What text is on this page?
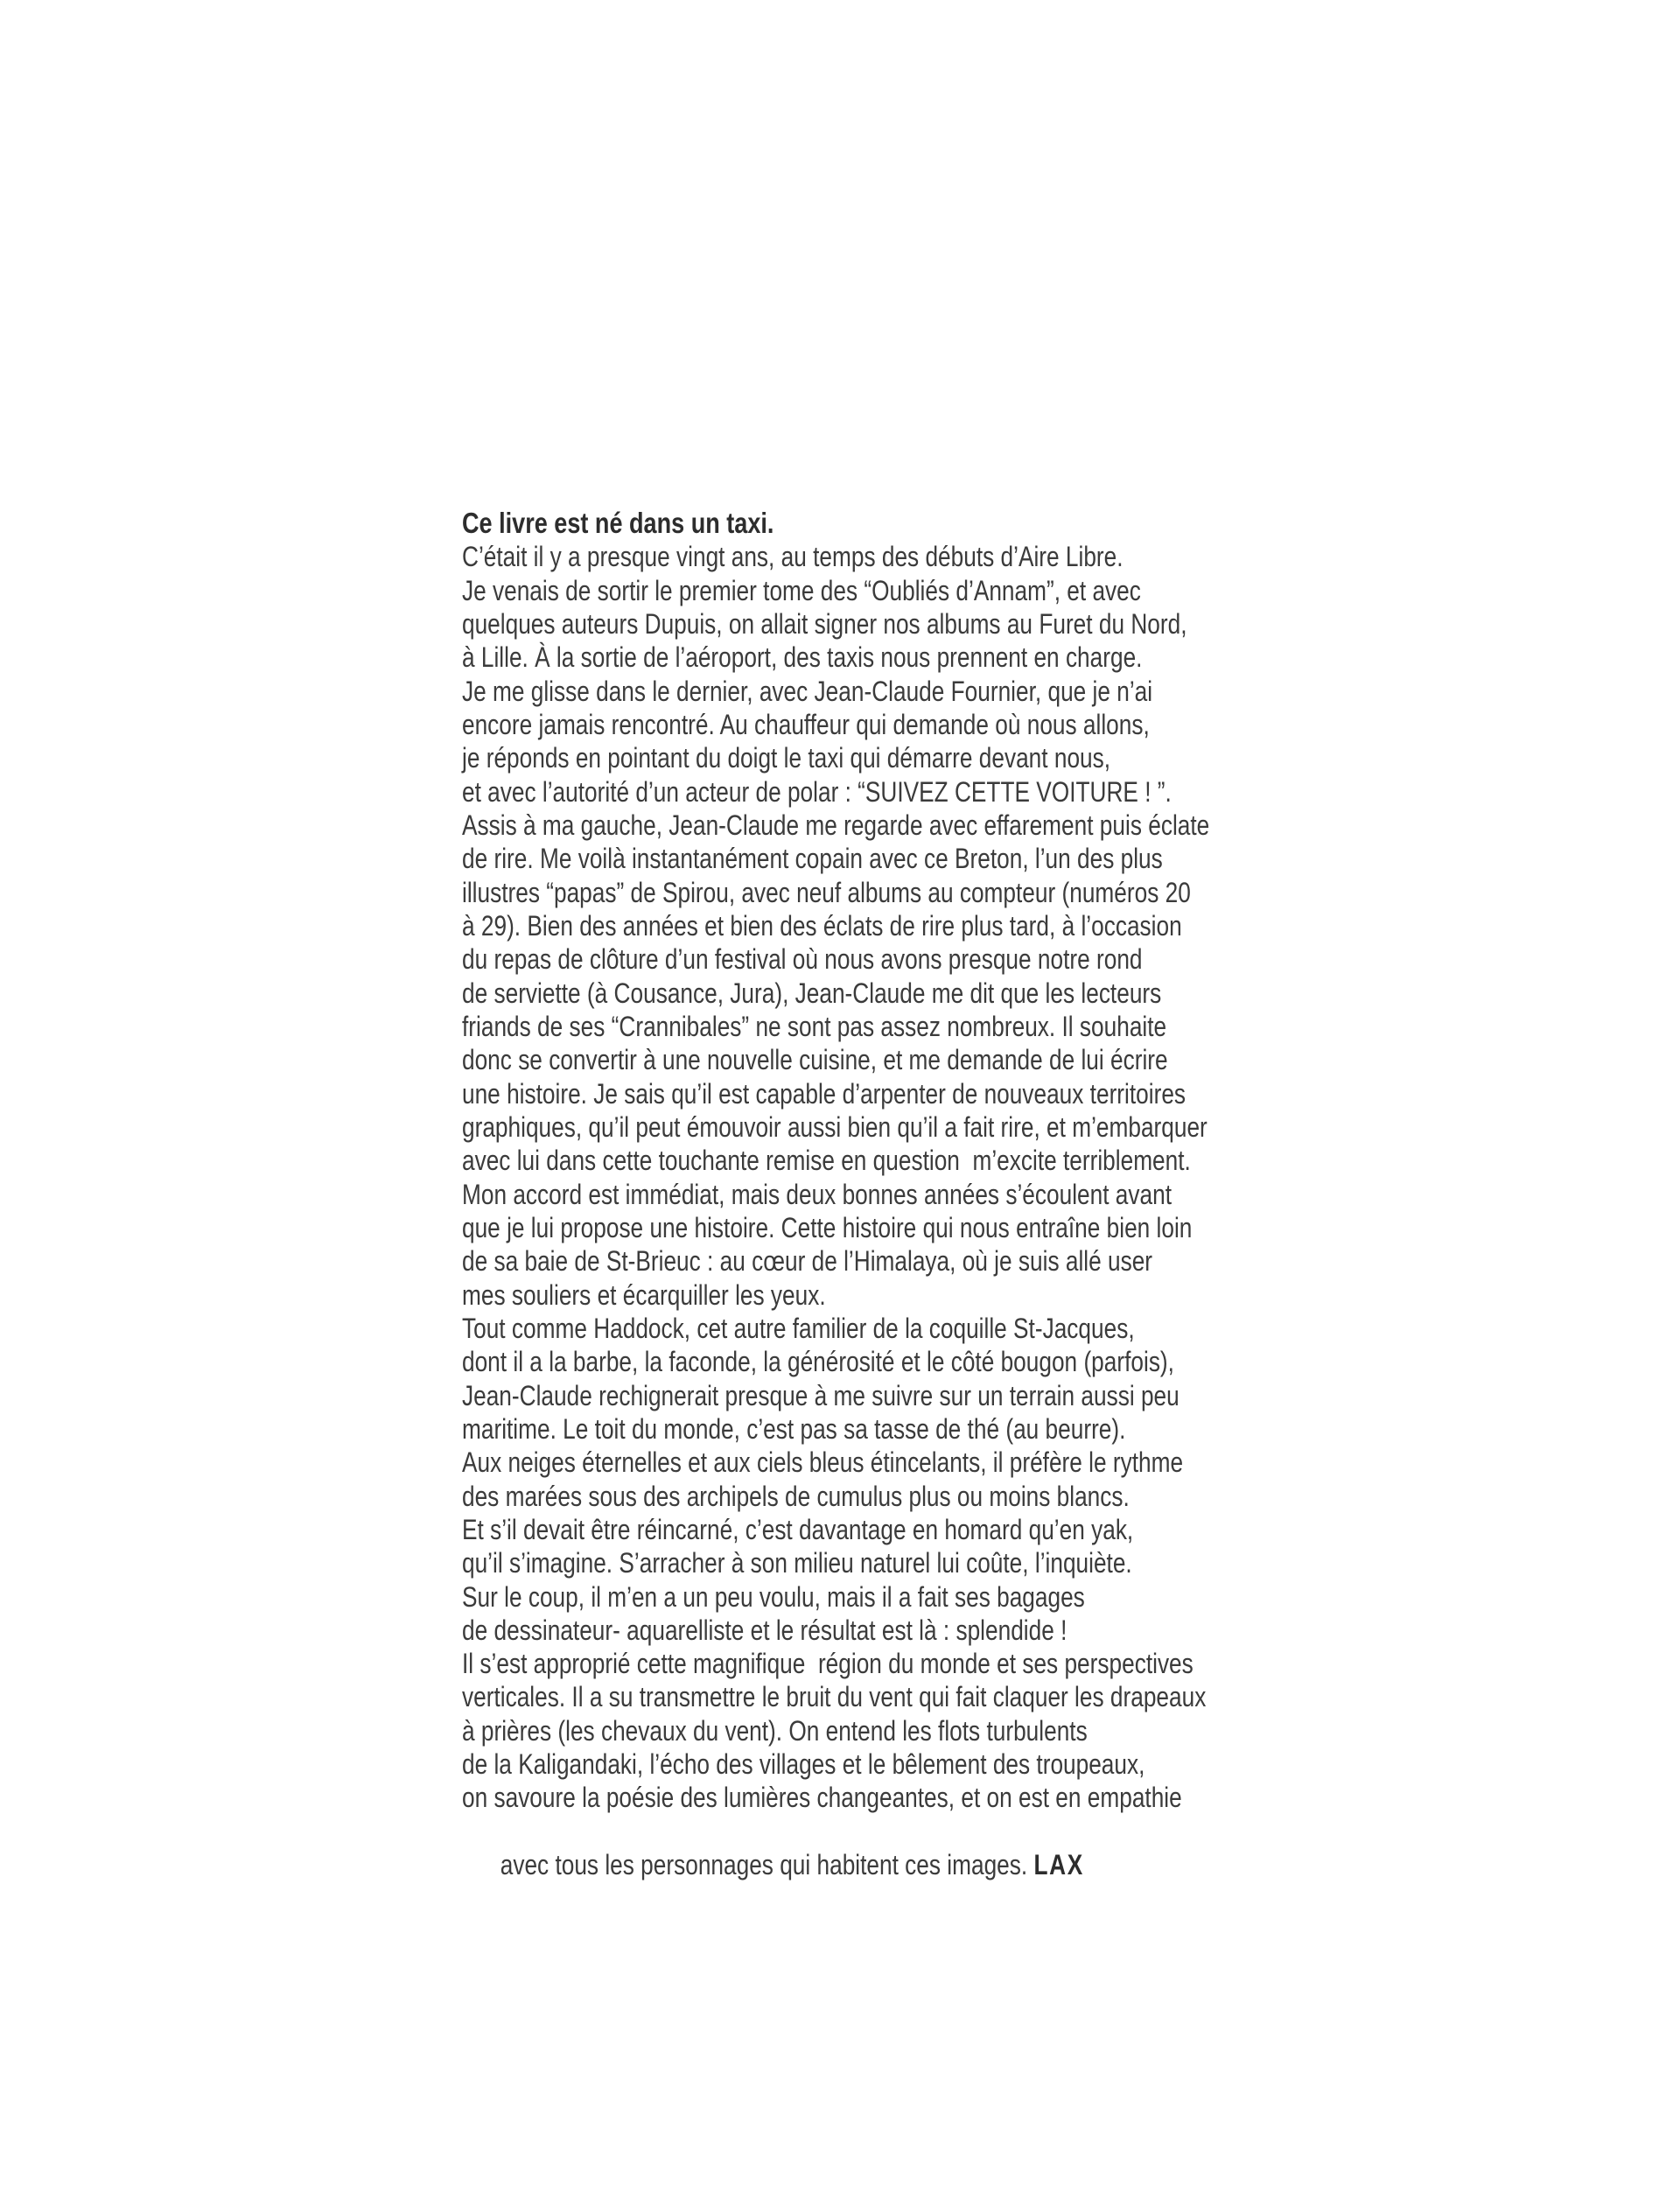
Ce livre est né dans un taxi.
C’était il y a presque vingt ans, au temps des débuts d’Aire Libre.
Je venais de sortir le premier tome des “Oubliés d’Annam”, et avec
quelques auteurs Dupuis, on allait signer nos albums au Furet du Nord,
à Lille. À la sortie de l’aéroport, des taxis nous prennent en charge.
Je me glisse dans le dernier, avec Jean-Claude Fournier, que je n’ai
encore jamais rencontré. Au chauffeur qui demande où nous allons,
je réponds en pointant du doigt le taxi qui démarre devant nous,
et avec l’autorité d’un acteur de polar : “SUIVEZ CETTE VOITURE ! ”.
Assis à ma gauche, Jean-Claude me regarde avec effarement puis éclate
de rire. Me voilà instantanément copain avec ce Breton, l’un des plus
illustres “papas” de Spirou, avec neuf albums au compteur (numéros 20
à 29). Bien des années et bien des éclats de rire plus tard, à l’occasion
du repas de clôture d’un festival où nous avons presque notre rond
de serviette (à Cousance, Jura), Jean-Claude me dit que les lecteurs
friands de ses “Crannibales” ne sont pas assez nombreux. Il souhaite
donc se convertir à une nouvelle cuisine, et me demande de lui écrire
une histoire. Je sais qu’il est capable d’arpenter de nouveaux territoires
graphiques, qu’il peut émouvoir aussi bien qu’il a fait rire, et m’embarquer
avec lui dans cette touchante remise en question  m’excite terriblement.
Mon accord est immédiat, mais deux bonnes années s’écoulent avant
que je lui propose une histoire. Cette histoire qui nous entraîne bien loin
de sa baie de St-Brieuc : au cœur de l’Himalaya, où je suis allé user
mes souliers et écarquiller les yeux.
Tout comme Haddock, cet autre familier de la coquille St-Jacques,
dont il a la barbe, la faconde, la générosité et le côté bougon (parfois),
Jean-Claude rechignerait presque à me suivre sur un terrain aussi peu
maritime. Le toit du monde, c’est pas sa tasse de thé (au beurre).
Aux neiges éternelles et aux ciels bleus étincelants, il préfère le rythme
des marées sous des archipels de cumulus plus ou moins blancs.
Et s’il devait être réincarné, c’est davantage en homard qu’en yak,
qu’il s’imagine. S’arracher à son milieu naturel lui coûte, l’inquiète.
Sur le coup, il m’en a un peu voulu, mais il a fait ses bagages
de dessinateur- aquarelliste et le résultat est là : splendide !
Il s’est approprié cette magnifique  région du monde et ses perspectives
verticales. Il a su transmettre le bruit du vent qui fait claquer les drapeaux
à prières (les chevaux du vent). On entend les flots turbulents
de la Kaligandaki, l’écho des villages et le bêlement des troupeaux,
on savoure la poésie des lumières changeantes, et on est en empathie

avec tous les personnages qui habitent ces images. LAX
